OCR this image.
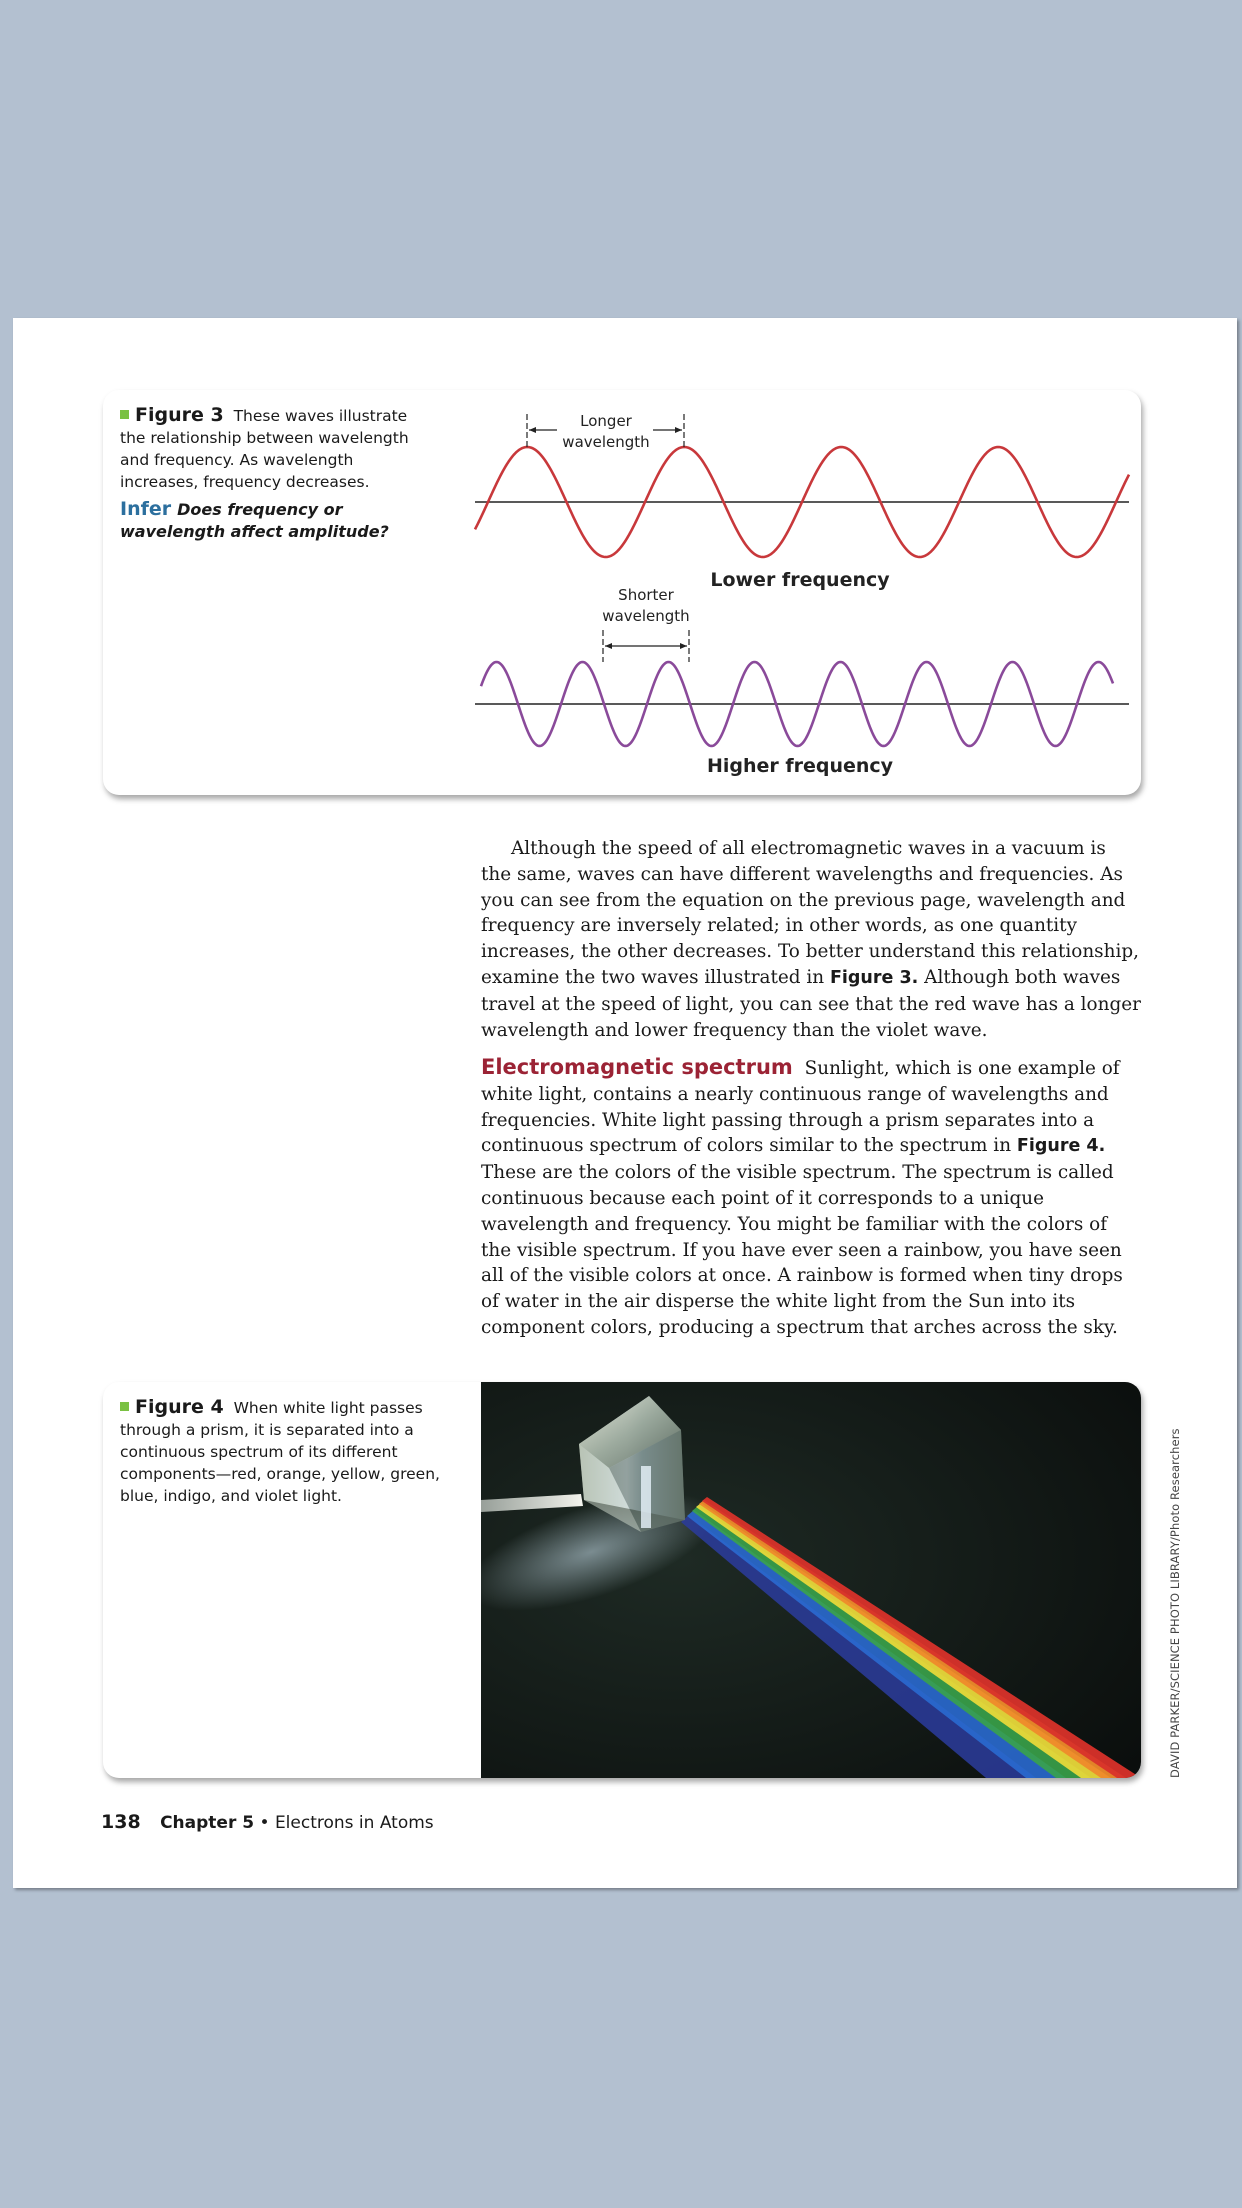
Figure 3 These waves illustrate the relationship between wavelength and frequency. As wavelength increases, frequency decreases.
Infer Does frequency or wavelength affect amplitude?
Longer
wavelength
Lower frequency
Shorter
wavelength
Higher frequency
Although the speed of all electromagnetic waves in a vacuum is the same, waves can have different wavelengths and frequencies. As you can see from the equation on the previous page, wavelength and frequency are inversely related; in other words, as one quantity increases, the other decreases. To better understand this relationship, examine the two waves illustrated in Figure 3. Although both waves travel at the speed of light, you can see that the red wave has a longer wavelength and lower frequency than the violet wave.
Electromagnetic spectrum Sunlight, which is one example of white light, contains a nearly continuous range of wavelengths and frequencies. White light passing through a prism separates into a continuous spectrum of colors similar to the spectrum in Figure 4. These are the colors of the visible spectrum. The spectrum is called continuous because each point of it corresponds to a unique wavelength and frequency. You might be familiar with the colors of the visible spectrum. If you have ever seen a rainbow, you have seen all of the visible colors at once. A rainbow is formed when tiny drops of water in the air disperse the white light from the Sun into its component colors, producing a spectrum that arches across the sky.
Figure 4 When white light passes through a prism, it is separated into a continuous spectrum of its different components—red, orange, yellow, green, blue, indigo, and violet light.	DAVID PARKER/SCIENCE PHOTO LIBRARY/Photo Researchers
138 Chapter 5 • Electrons in Atoms
